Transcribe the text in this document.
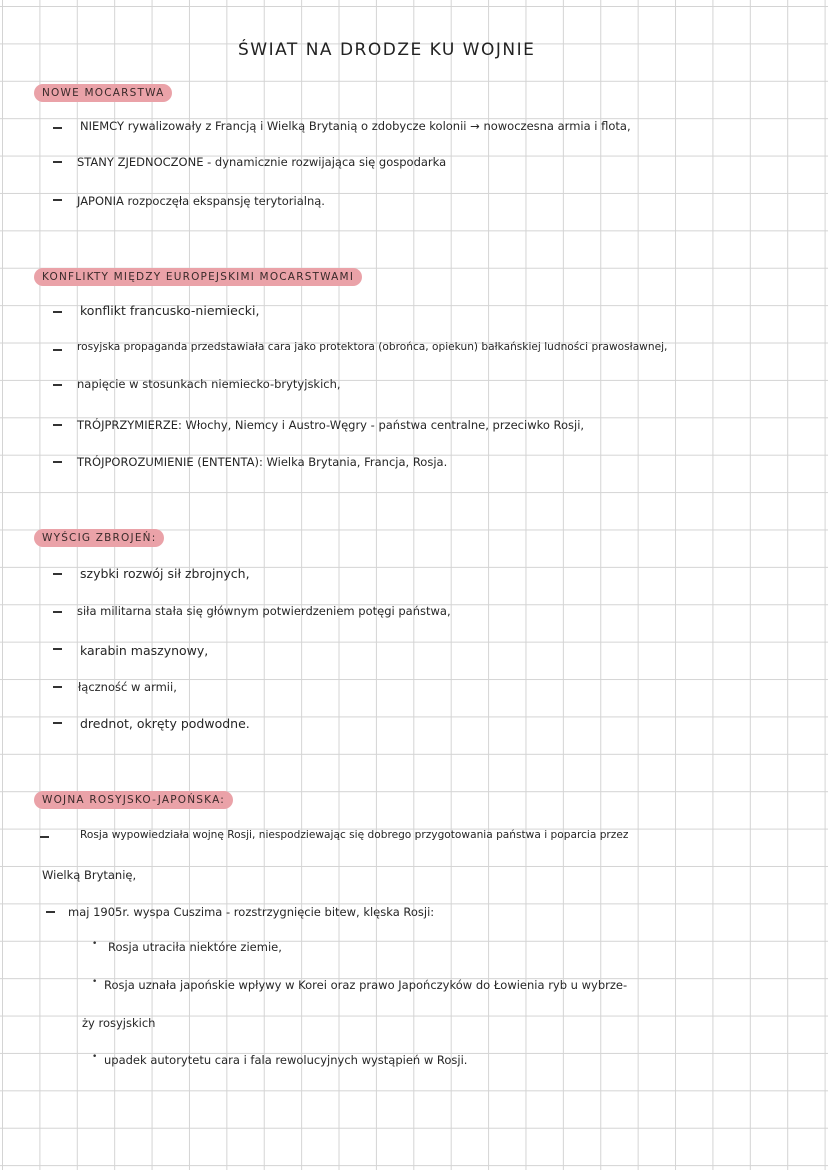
ŚWIAT NA DRODZE KU WOJNIE
NOWE MOCARSTWA
NIEMCY rywalizowały z Francją i Wielką Brytanią o zdobycze kolonii → nowoczesna armia i flota,
STANY ZJEDNOCZONE - dynamicznie rozwijająca się gospodarka
JAPONIA rozpoczęła ekspansję terytorialną.
KONFLIKTY MIĘDZY EUROPEJSKIMI MOCARSTWAMI
konflikt francusko-niemiecki,
rosyjska propaganda przedstawiała cara jako protektora (obrońca, opiekun) bałkańskiej ludności prawosławnej,
napięcie w stosunkach niemiecko-brytyjskich,
TRÓJPRZYMIERZE: Włochy, Niemcy i Austro-Węgry - państwa centralne, przeciwko Rosji,
TRÓJPOROZUMIENIE (ENTENTA): Wielka Brytania, Francja, Rosja.
WYŚCIG ZBROJEŃ:
szybki rozwój sił zbrojnych,
siła militarna stała się głównym potwierdzeniem potęgi państwa,
karabin maszynowy,
łączność w armii,
drednot, okręty podwodne.
WOJNA ROSYJSKO-JAPOŃSKA:
Rosja wypowiedziała wojnę Rosji, niespodziewając się dobrego przygotowania państwa i poparcia przez
Wielką Brytanię,
maj 1905r. wyspa Cuszima - rozstrzygnięcie bitew, klęska Rosji:
• Rosja utraciła niektóre ziemie,
• Rosja uznała japońskie wpływy w Korei oraz prawo Japończyków do Łowienia ryb u wybrze-
ży rosyjskich
• upadek autorytetu cara i fala rewolucyjnych wystąpień w Rosji.
